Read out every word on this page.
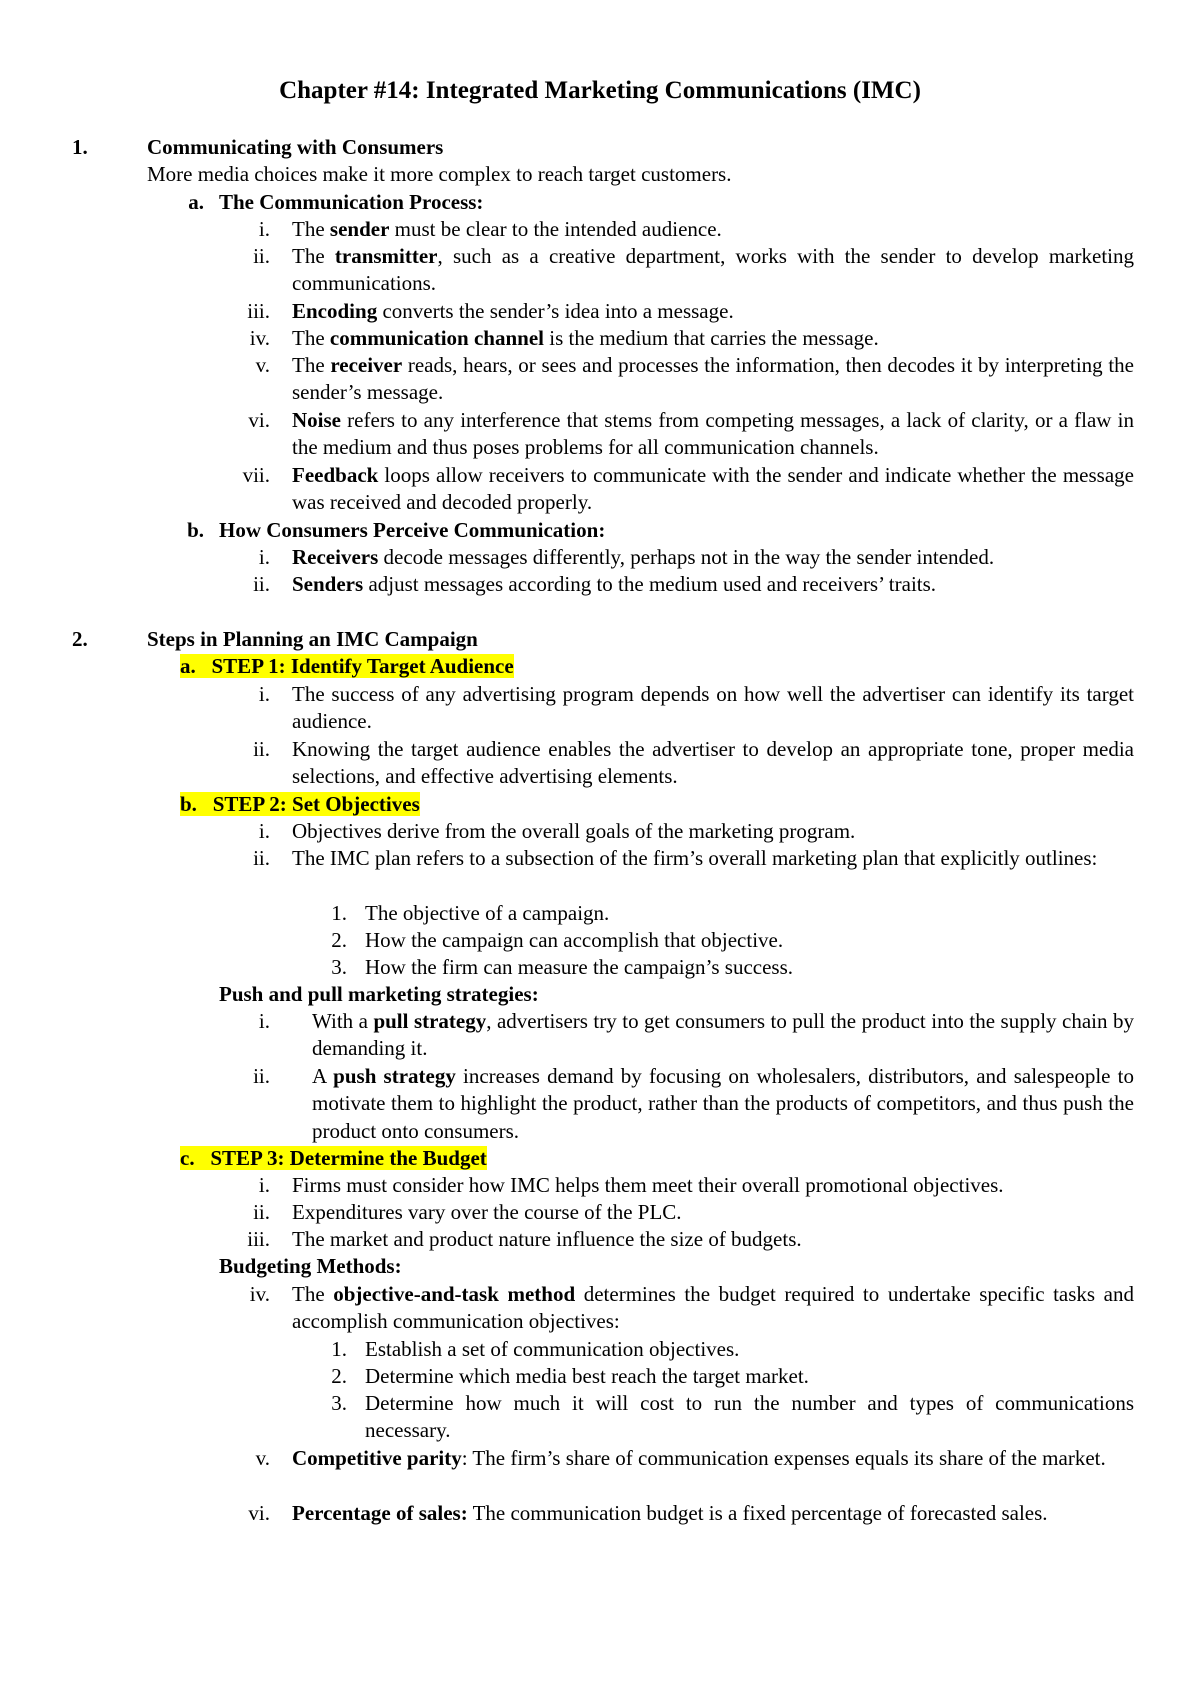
Chapter #14: Integrated Marketing Communications (IMC)
1.	Communicating with Consumers
More media choices make it more complex to reach target customers.
a. The Communication Process:
i. The sender must be clear to the intended audience.
ii. The transmitter, such as a creative department, works with the sender to develop marketing communications.
iii. Encoding converts the sender’s idea into a message.
iv. The communication channel is the medium that carries the message.
v. The receiver reads, hears, or sees and processes the information, then decodes it by interpreting the sender’s message.
vi. Noise refers to any interference that stems from competing messages, a lack of clarity, or a flaw in the medium and thus poses problems for all communication channels.
vii. Feedback loops allow receivers to communicate with the sender and indicate whether the message was received and decoded properly.
b. How Consumers Perceive Communication:
i. Receivers decode messages differently, perhaps not in the way the sender intended.
ii. Senders adjust messages according to the medium used and receivers’ traits.
2.	Steps in Planning an IMC Campaign
a. STEP 1: Identify Target Audience
i. The success of any advertising program depends on how well the advertiser can identify its target audience.
ii. Knowing the target audience enables the advertiser to develop an appropriate tone, proper media selections, and effective advertising elements.
b. STEP 2: Set Objectives
i. Objectives derive from the overall goals of the marketing program.
ii. The IMC plan refers to a subsection of the firm’s overall marketing plan that explicitly outlines:
1. The objective of a campaign.
2. How the campaign can accomplish that objective.
3. How the firm can measure the campaign’s success.
Push and pull marketing strategies:
i. With a pull strategy, advertisers try to get consumers to pull the product into the supply chain by demanding it.
ii. A push strategy increases demand by focusing on wholesalers, distributors, and salespeople to motivate them to highlight the product, rather than the products of competitors, and thus push the product onto consumers.
c. STEP 3: Determine the Budget
i. Firms must consider how IMC helps them meet their overall promotional objectives.
ii. Expenditures vary over the course of the PLC.
iii. The market and product nature influence the size of budgets.
Budgeting Methods:
iv. The objective-and-task method determines the budget required to undertake specific tasks and accomplish communication objectives:
1. Establish a set of communication objectives.
2. Determine which media best reach the target market.
3. Determine how much it will cost to run the number and types of communications necessary.
v. Competitive parity: The firm’s share of communication expenses equals its share of the market.
vi. Percentage of sales: The communication budget is a fixed percentage of forecasted sales.
